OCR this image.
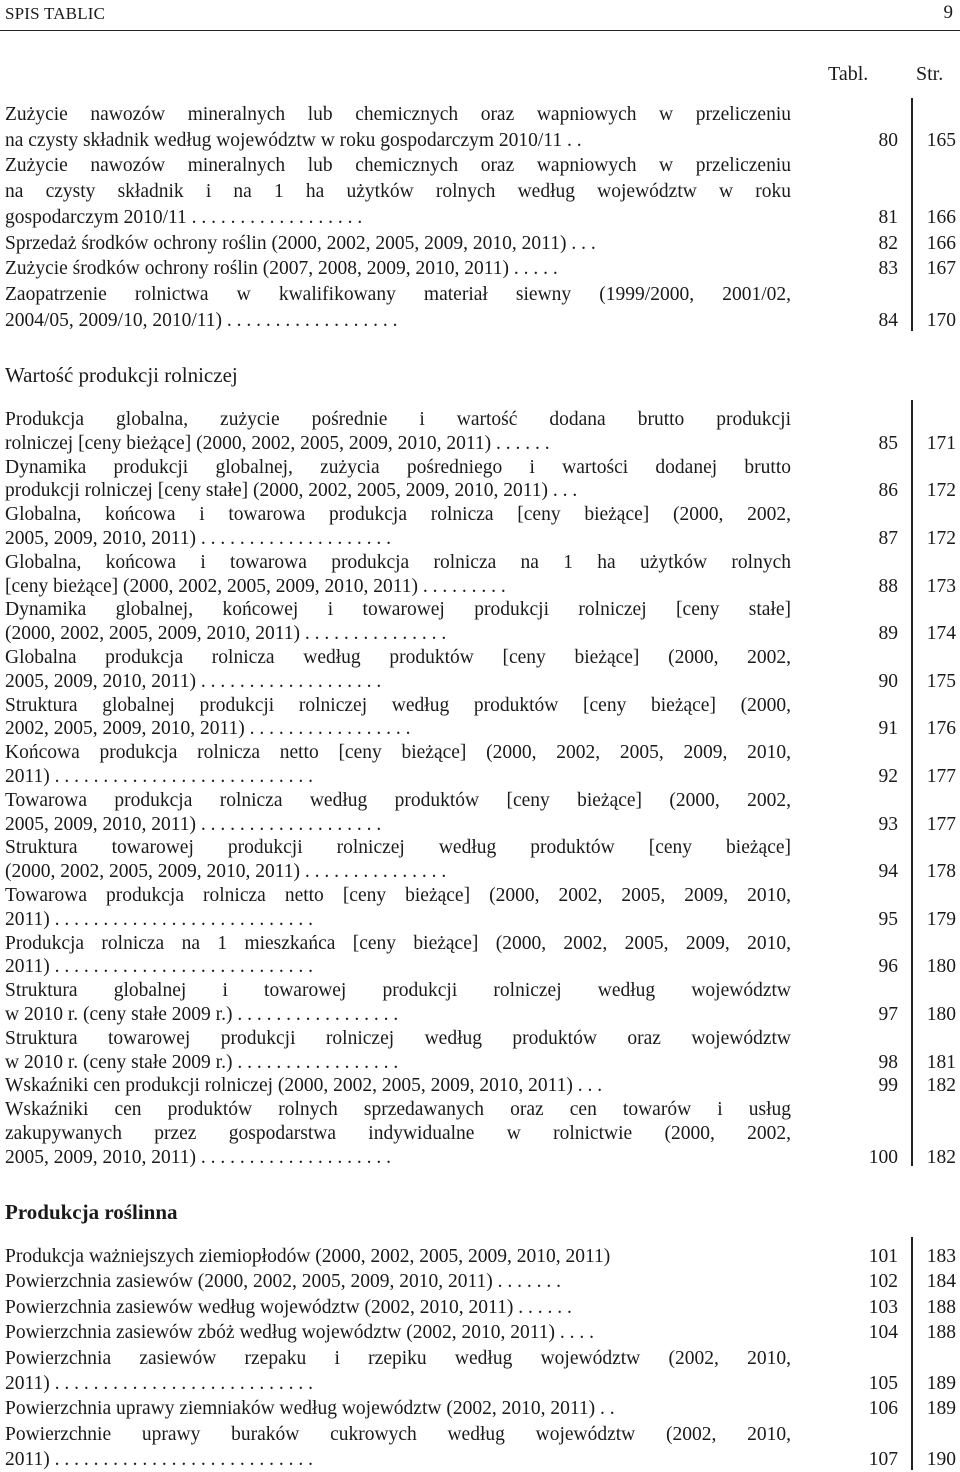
SPIS TABLIC	9
Tabl. Str.
Zużycie nawozów mineralnych lub chemicznych oraz wapniowych w przeliczeniu
na czysty składnik według województw w roku gospodarczym 2010/11 . .	80	165
Zużycie nawozów mineralnych lub chemicznych oraz wapniowych w przeliczeniu
na czysty składnik i na 1 ha użytków rolnych według województw w roku
gospodarczym 2010/11 . . . . . . . . . . . . . . . . . .	81	166
Sprzedaż środków ochrony roślin (2000, 2002, 2005, 2009, 2010, 2011) . . .	82	166
Zużycie środków ochrony roślin (2007, 2008, 2009, 2010, 2011) . . . . .	83	167
Zaopatrzenie rolnictwa w kwalifikowany materiał siewny (1999/2000, 2001/02,
2004/05, 2009/10, 2010/11) . . . . . . . . . . . . . . . . . .	84	170
Wartość produkcji rolniczej
Produkcja globalna, zużycie pośrednie i wartość dodana brutto produkcji
rolniczej [ceny bieżące] (2000, 2002, 2005, 2009, 2010, 2011) . . . . . .	85	171
Dynamika produkcji globalnej, zużycia pośredniego i wartości dodanej brutto
produkcji rolniczej [ceny stałe] (2000, 2002, 2005, 2009, 2010, 2011) . . .	86	172
Globalna, końcowa i towarowa produkcja rolnicza [ceny bieżące] (2000, 2002,
2005, 2009, 2010, 2011) . . . . . . . . . . . . . . . . . . . .	87	172
Globalna, końcowa i towarowa produkcja rolnicza na 1 ha użytków rolnych
[ceny bieżące] (2000, 2002, 2005, 2009, 2010, 2011) . . . . . . . . .	88	173
Dynamika globalnej, końcowej i towarowej produkcji rolniczej [ceny stałe]
(2000, 2002, 2005, 2009, 2010, 2011) . . . . . . . . . . . . . . .	89	174
Globalna produkcja rolnicza według produktów [ceny bieżące] (2000, 2002,
2005, 2009, 2010, 2011) . . . . . . . . . . . . . . . . . . .	90	175
Struktura globalnej produkcji rolniczej według produktów [ceny bieżące] (2000,
2002, 2005, 2009, 2010, 2011) . . . . . . . . . . . . . . . . .	91	176
Końcowa produkcja rolnicza netto [ceny bieżące] (2000, 2002, 2005, 2009, 2010,
2011) . . . . . . . . . . . . . . . . . . . . . . . . . . .	92	177
Towarowa produkcja rolnicza według produktów [ceny bieżące] (2000, 2002,
2005, 2009, 2010, 2011) . . . . . . . . . . . . . . . . . . .	93	177
Struktura towarowej produkcji rolniczej według produktów [ceny bieżące]
(2000, 2002, 2005, 2009, 2010, 2011) . . . . . . . . . . . . . . .	94	178
Towarowa produkcja rolnicza netto [ceny bieżące] (2000, 2002, 2005, 2009, 2010,
2011) . . . . . . . . . . . . . . . . . . . . . . . . . . .	95	179
Produkcja rolnicza na 1 mieszkańca [ceny bieżące] (2000, 2002, 2005, 2009, 2010,
2011) . . . . . . . . . . . . . . . . . . . . . . . . . . .	96	180
Struktura globalnej i towarowej produkcji rolniczej według województw
w 2010 r. (ceny stałe 2009 r.) . . . . . . . . . . . . . . . . .	97	180
Struktura towarowej produkcji rolniczej według produktów oraz województw
w 2010 r. (ceny stałe 2009 r.) . . . . . . . . . . . . . . . . .	98	181
Wskaźniki cen produkcji rolniczej (2000, 2002, 2005, 2009, 2010, 2011) . . .	99	182
Wskaźniki cen produktów rolnych sprzedawanych oraz cen towarów i usług
zakupywanych przez gospodarstwa indywidualne w rolnictwie (2000, 2002,
2005, 2009, 2010, 2011) . . . . . . . . . . . . . . . . . . . .	100	182
Produkcja roślinna
Produkcja ważniejszych ziemiopłodów (2000, 2002, 2005, 2009, 2010, 2011)	101	183
Powierzchnia zasiewów (2000, 2002, 2005, 2009, 2010, 2011) . . . . . . .	102	184
Powierzchnia zasiewów według województw (2002, 2010, 2011) . . . . . .	103	188
Powierzchnia zasiewów zbóż według województw (2002, 2010, 2011) . . . .	104	188
Powierzchnia zasiewów rzepaku i rzepiku według województw (2002, 2010,
2011) . . . . . . . . . . . . . . . . . . . . . . . . . . .	105	189
Powierzchnia uprawy ziemniaków według województw (2002, 2010, 2011) . .	106	189
Powierzchnie uprawy buraków cukrowych według województw (2002, 2010,
2011) . . . . . . . . . . . . . . . . . . . . . . . . . . .	107	190
